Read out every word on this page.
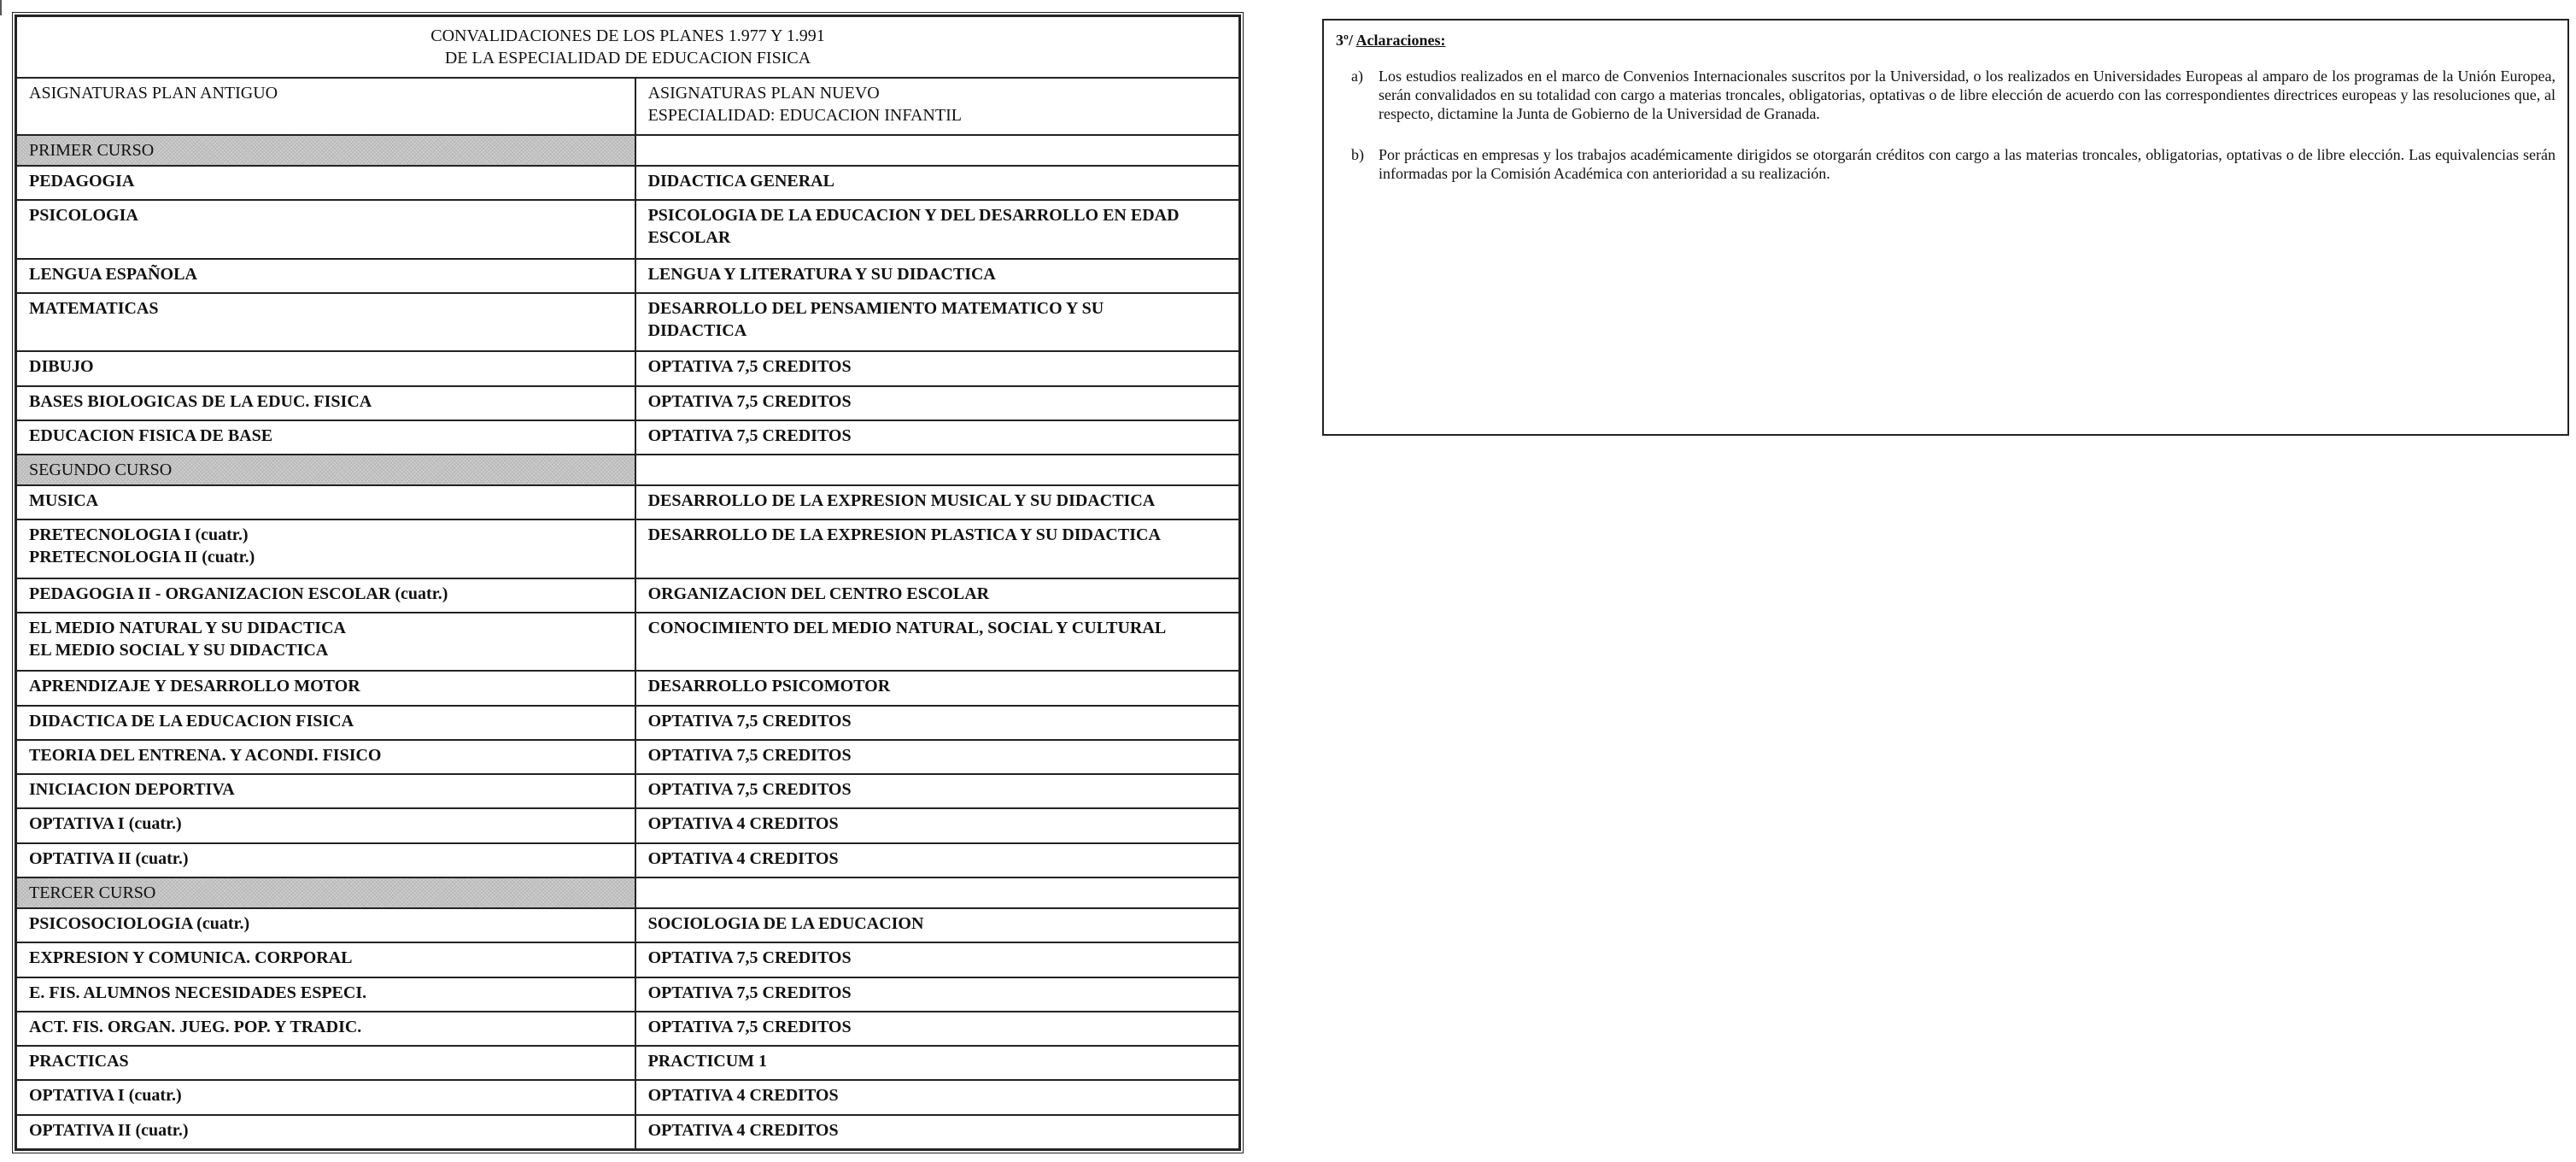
CONVALIDACIONES DE LOS PLANES 1.977 Y 1.991
DE LA ESPECIALIDAD DE EDUCACION FISICA	

ASIGNATURAS PLAN ANTIGUO	ASIGNATURAS PLAN NUEVO
ESPECIALIDAD: EDUCACION INFANTIL

PRIMER CURSO	

PEDAGOGIA	DIDACTICA GENERAL

PSICOLOGIA	PSICOLOGIA DE LA EDUCACION Y DEL DESARROLLO EN EDAD
ESCOLAR

LENGUA ESPAÑOLA	LENGUA Y LITERATURA Y SU DIDACTICA

MATEMATICAS	DESARROLLO DEL PENSAMIENTO MATEMATICO Y SU
DIDACTICA

DIBUJO	OPTATIVA 7,5 CREDITOS

BASES BIOLOGICAS DE LA EDUC. FISICA	OPTATIVA 7,5 CREDITOS

EDUCACION FISICA DE BASE	OPTATIVA 7,5 CREDITOS

SEGUNDO CURSO	

MUSICA	DESARROLLO DE LA EXPRESION MUSICAL Y SU DIDACTICA

PRETECNOLOGIA I (cuatr.)
PRETECNOLOGIA II (cuatr.)	DESARROLLO DE LA EXPRESION PLASTICA Y SU DIDACTICA

PEDAGOGIA II - ORGANIZACION ESCOLAR (cuatr.)	ORGANIZACION DEL CENTRO ESCOLAR

EL MEDIO NATURAL Y SU DIDACTICA
EL MEDIO SOCIAL Y SU DIDACTICA	CONOCIMIENTO DEL MEDIO NATURAL, SOCIAL Y CULTURAL

APRENDIZAJE Y DESARROLLO MOTOR	DESARROLLO PSICOMOTOR

DIDACTICA DE LA EDUCACION FISICA	OPTATIVA 7,5 CREDITOS

TEORIA DEL ENTRENA. Y ACONDI. FISICO	OPTATIVA 7,5 CREDITOS

INICIACION DEPORTIVA	OPTATIVA 7,5 CREDITOS

OPTATIVA I (cuatr.)	OPTATIVA 4 CREDITOS

OPTATIVA II (cuatr.)	OPTATIVA 4 CREDITOS

TERCER CURSO	

PSICOSOCIOLOGIA (cuatr.)	SOCIOLOGIA DE LA EDUCACION

EXPRESION Y COMUNICA. CORPORAL	OPTATIVA 7,5 CREDITOS

E. FIS. ALUMNOS NECESIDADES ESPECI.	OPTATIVA 7,5 CREDITOS

ACT. FIS. ORGAN. JUEG. POP. Y TRADIC.	OPTATIVA 7,5 CREDITOS

PRACTICAS	PRACTICUM 1

OPTATIVA I (cuatr.)	OPTATIVA 4 CREDITOS

OPTATIVA II (cuatr.)	OPTATIVA 4 CREDITOS
3º/ Aclaraciones:
a)	Los estudios realizados en el marco de Convenios Internacionales suscritos por la Universidad, o los realizados en Universidades Europeas al amparo de los programas de la Unión Europea, serán convalidados en su totalidad con cargo a materias troncales, obligatorias, optativas o de libre elección de acuerdo con las correspondientes directrices europeas y las resoluciones que, al respecto, dictamine la Junta de Gobierno de la Universidad de Granada.
b) Por prácticas en empresas y los trabajos académicamente dirigidos se otorgarán créditos con cargo a las materias troncales, obligatorias, optativas o de libre elección. Las equivalencias serán informadas por la Comisión Académica con anterioridad a su realización.
